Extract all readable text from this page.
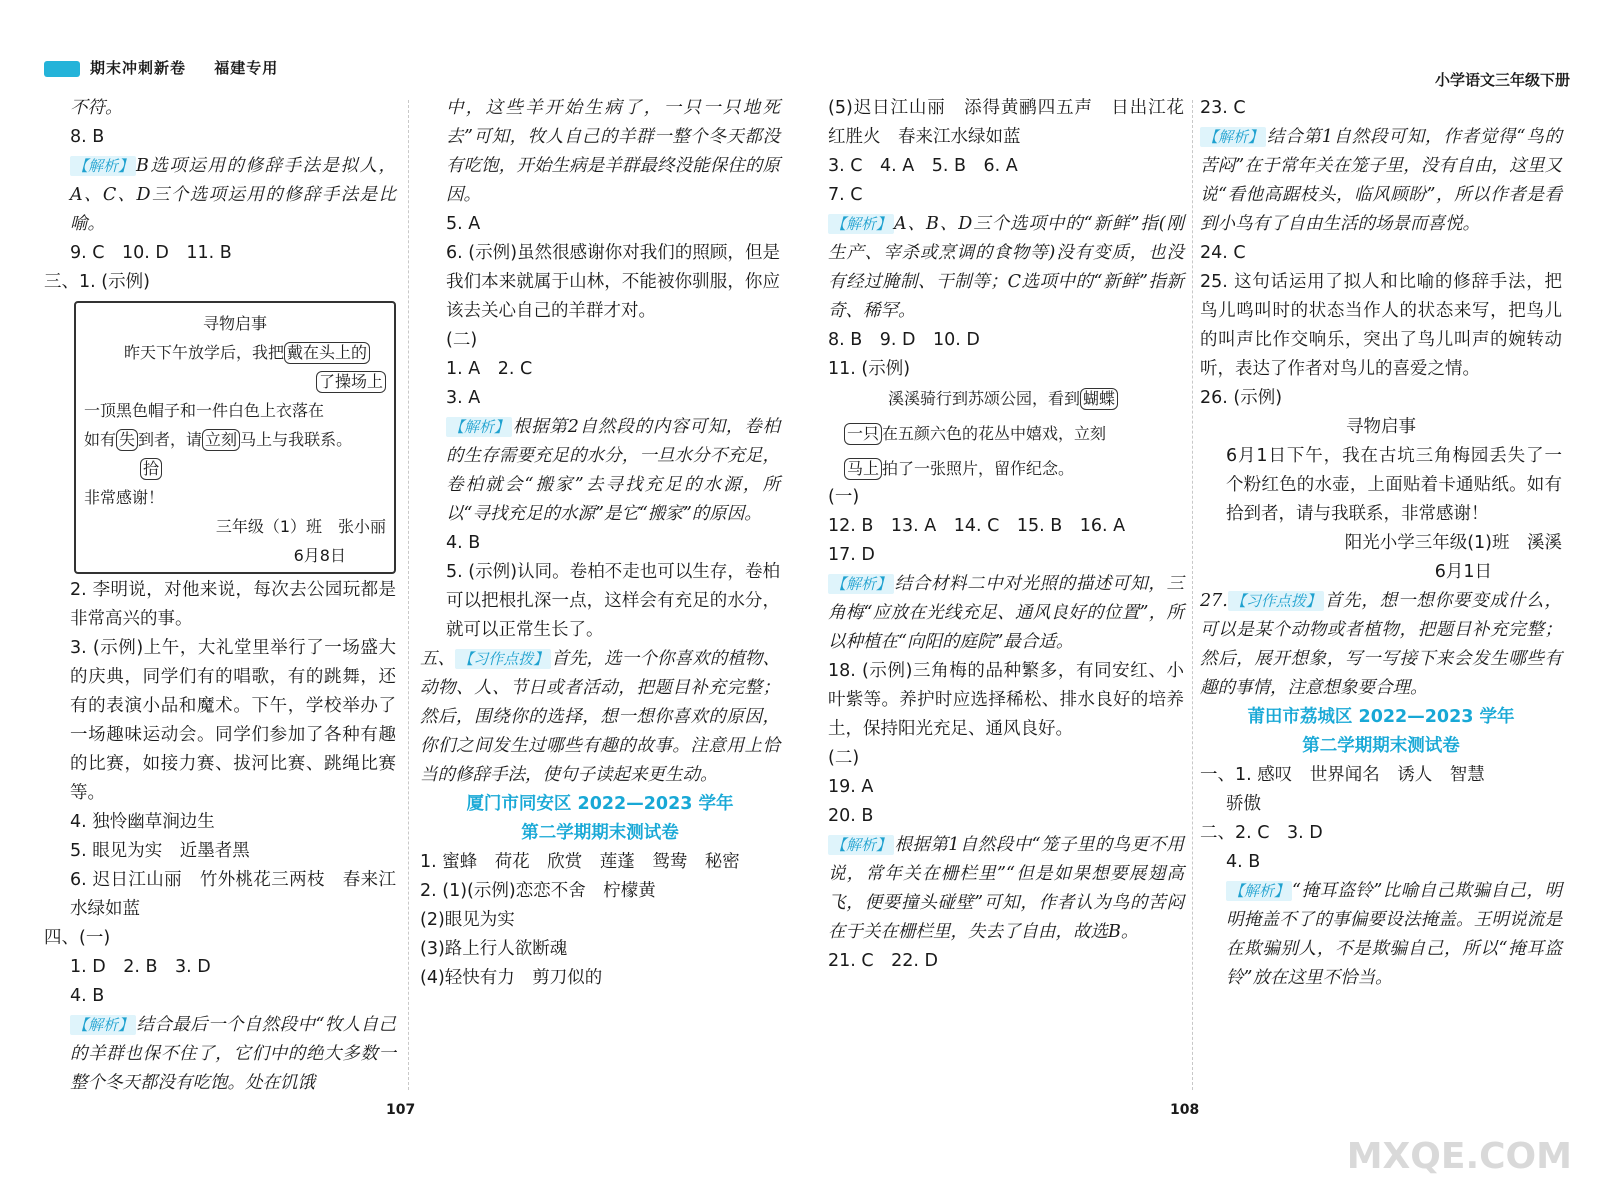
期末冲刺新卷 福建专用
小学语文三年级下册
不符。
8. B
【解析】 B选项运用的修辞手法是拟人，A、C、D三个选项运用的修辞手法是比喻。
9. C　10. D　11. B
三、1. (示例)
寻物启事
昨天下午放学后，我把 戴在头上的
了操场上
一顶黑色帽子和一件白色上衣落在
如有 失 到者，请 立刻 马上与我联系。
拾
非常感谢！
三年级（1）班　张小丽
6月8日
2. 李明说，对他来说，每次去公园玩都是非常高兴的事。
3. (示例)上午，大礼堂里举行了一场盛大的庆典，同学们有的唱歌，有的跳舞，还有的表演小品和魔术。下午，学校举办了一场趣味运动会。同学们参加了各种有趣的比赛，如接力赛、拔河比赛、跳绳比赛等。
4. 独怜幽草涧边生
5. 眼见为实　近墨者黑
6. 迟日江山丽　竹外桃花三两枝　春来江水绿如蓝
四、(一)
1. D　2. B　3. D
4. B
【解析】 结合最后一个自然段中“牧人自己的羊群也保不住了，它们中的绝大多数一整个冬天都没有吃饱。处在饥饿
中，这些羊开始生病了，一只一只地死去”可知，牧人自己的羊群一整个冬天都没有吃饱，开始生病是羊群最终没能保住的原因。
5. A
6. (示例)虽然很感谢你对我们的照顾，但是我们本来就属于山林，不能被你驯服，你应该去关心自己的羊群才对。
(二)
1. A　2. C
3. A
【解析】 根据第2自然段的内容可知，卷柏的生存需要充足的水分，一旦水分不充足，卷柏就会“搬家”去寻找充足的水源，所以“寻找充足的水源”是它“搬家”的原因。
4. B
5. (示例)认同。卷柏不走也可以生存，卷柏可以把根扎深一点，这样会有充足的水分，就可以正常生长了。
五、 【习作点拨】 首先，选一个你喜欢的植物、动物、人、节日或者活动，把题目补充完整；然后，围绕你的选择，想一想你喜欢的原因，你们之间发生过哪些有趣的故事。注意用上恰当的修辞手法，使句子读起来更生动。
厦门市同安区 2022—2023 学年
第二学期期末测试卷
1. 蜜蜂　荷花　欣赏　莲蓬　鸳鸯　秘密
2. (1)(示例)恋恋不舍　柠檬黄
(2)眼见为实
(3)路上行人欲断魂
(4)轻快有力　剪刀似的
(5)迟日江山丽　添得黄鹂四五声　日出江花红胜火　春来江水绿如蓝
3. C　4. A　5. B　6. A
7. C
【解析】 A、B、D三个选项中的“新鲜”指(刚生产、宰杀或烹调的食物等)没有变质，也没有经过腌制、干制等；C选项中的“新鲜”指新奇、稀罕。
8. B　9. D　10. D
11. (示例)
溪溪骑行到苏颂公园，看到 蝴蝶
一只 在五颜六色的花丛中嬉戏，立刻
马上 拍了一张照片，留作纪念。
(一)
12. B　13. A　14. C　15. B　16. A
17. D
【解析】 结合材料二中对光照的描述可知，三角梅“应放在光线充足、通风良好的位置”，所以种植在“向阳的庭院”最合适。
18. (示例)三角梅的品种繁多，有同安红、小叶紫等。养护时应选择稀松、排水良好的培养土，保持阳光充足、通风良好。
(二)
19. A
20. B
【解析】 根据第1自然段中“笼子里的鸟更不用说，常年关在栅栏里”“但是如果想要展翅高飞，便要撞头碰壁”可知，作者认为鸟的苦闷在于关在栅栏里，失去了自由，故选B。
21. C　22. D
23. C
【解析】 结合第1自然段可知，作者觉得“鸟的苦闷”在于常年关在笼子里，没有自由，这里又说“看他高踞枝头，临风顾盼”，所以作者是看到小鸟有了自由生活的场景而喜悦。
24. C
25. 这句话运用了拟人和比喻的修辞手法，把鸟儿鸣叫时的状态当作人的状态来写，把鸟儿的叫声比作交响乐，突出了鸟儿叫声的婉转动听，表达了作者对鸟儿的喜爱之情。
26. (示例)
寻物启事
6月1日下午，我在古坑三角梅园丢失了一个粉红色的水壶，上面贴着卡通贴纸。如有拾到者，请与我联系，非常感谢！
阳光小学三年级(1)班　溪溪
6月1日
27. 【习作点拨】 首先，想一想你要变成什么，可以是某个动物或者植物，把题目补充完整；然后，展开想象，写一写接下来会发生哪些有趣的事情，注意想象要合理。
莆田市荔城区 2022—2023 学年
第二学期期末测试卷
一、1. 感叹　世界闻名　诱人　智慧
骄傲
二、2. C　3. D
4. B
【解析】 “掩耳盗铃”比喻自己欺骗自己，明明掩盖不了的事偏要设法掩盖。王明说流是在欺骗别人，不是欺骗自己，所以“掩耳盗铃”放在这里不恰当。
107	108
MXQE.COM
